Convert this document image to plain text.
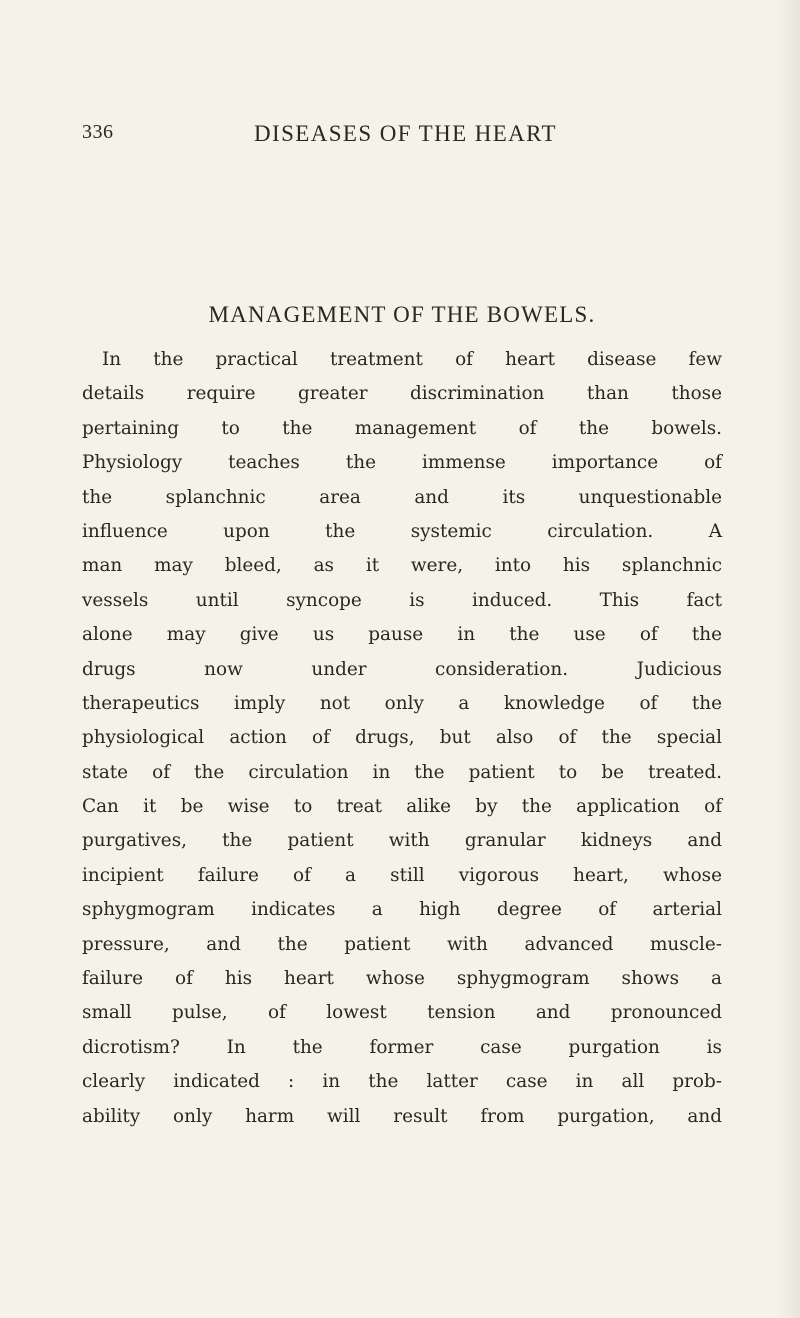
336	DISEASES OF THE HEART
MANAGEMENT OF THE BOWELS.
In the practical treatment of heart disease few
details require greater discrimination than those
pertaining to the management of the bowels.
Physiology teaches the immense importance of
the splanchnic area and its unquestionable
influence upon the systemic circulation. A
man may bleed, as it were, into his splanchnic
vessels until syncope is induced. This fact
alone may give us pause in the use of the
drugs now under consideration. Judicious
therapeutics imply not only a knowledge of the
physiological action of drugs, but also of the special
state of the circulation in the patient to be treated.
Can it be wise to treat alike by the application of
purgatives, the patient with granular kidneys and
incipient failure of a still vigorous heart, whose
sphygmogram indicates a high degree of arterial
pressure, and the patient with advanced muscle-
failure of his heart whose sphygmogram shows a
small pulse, of lowest tension and pronounced
dicrotism? In the former case purgation is
clearly indicated : in the latter case in all prob-
ability only harm will result from purgation, and
